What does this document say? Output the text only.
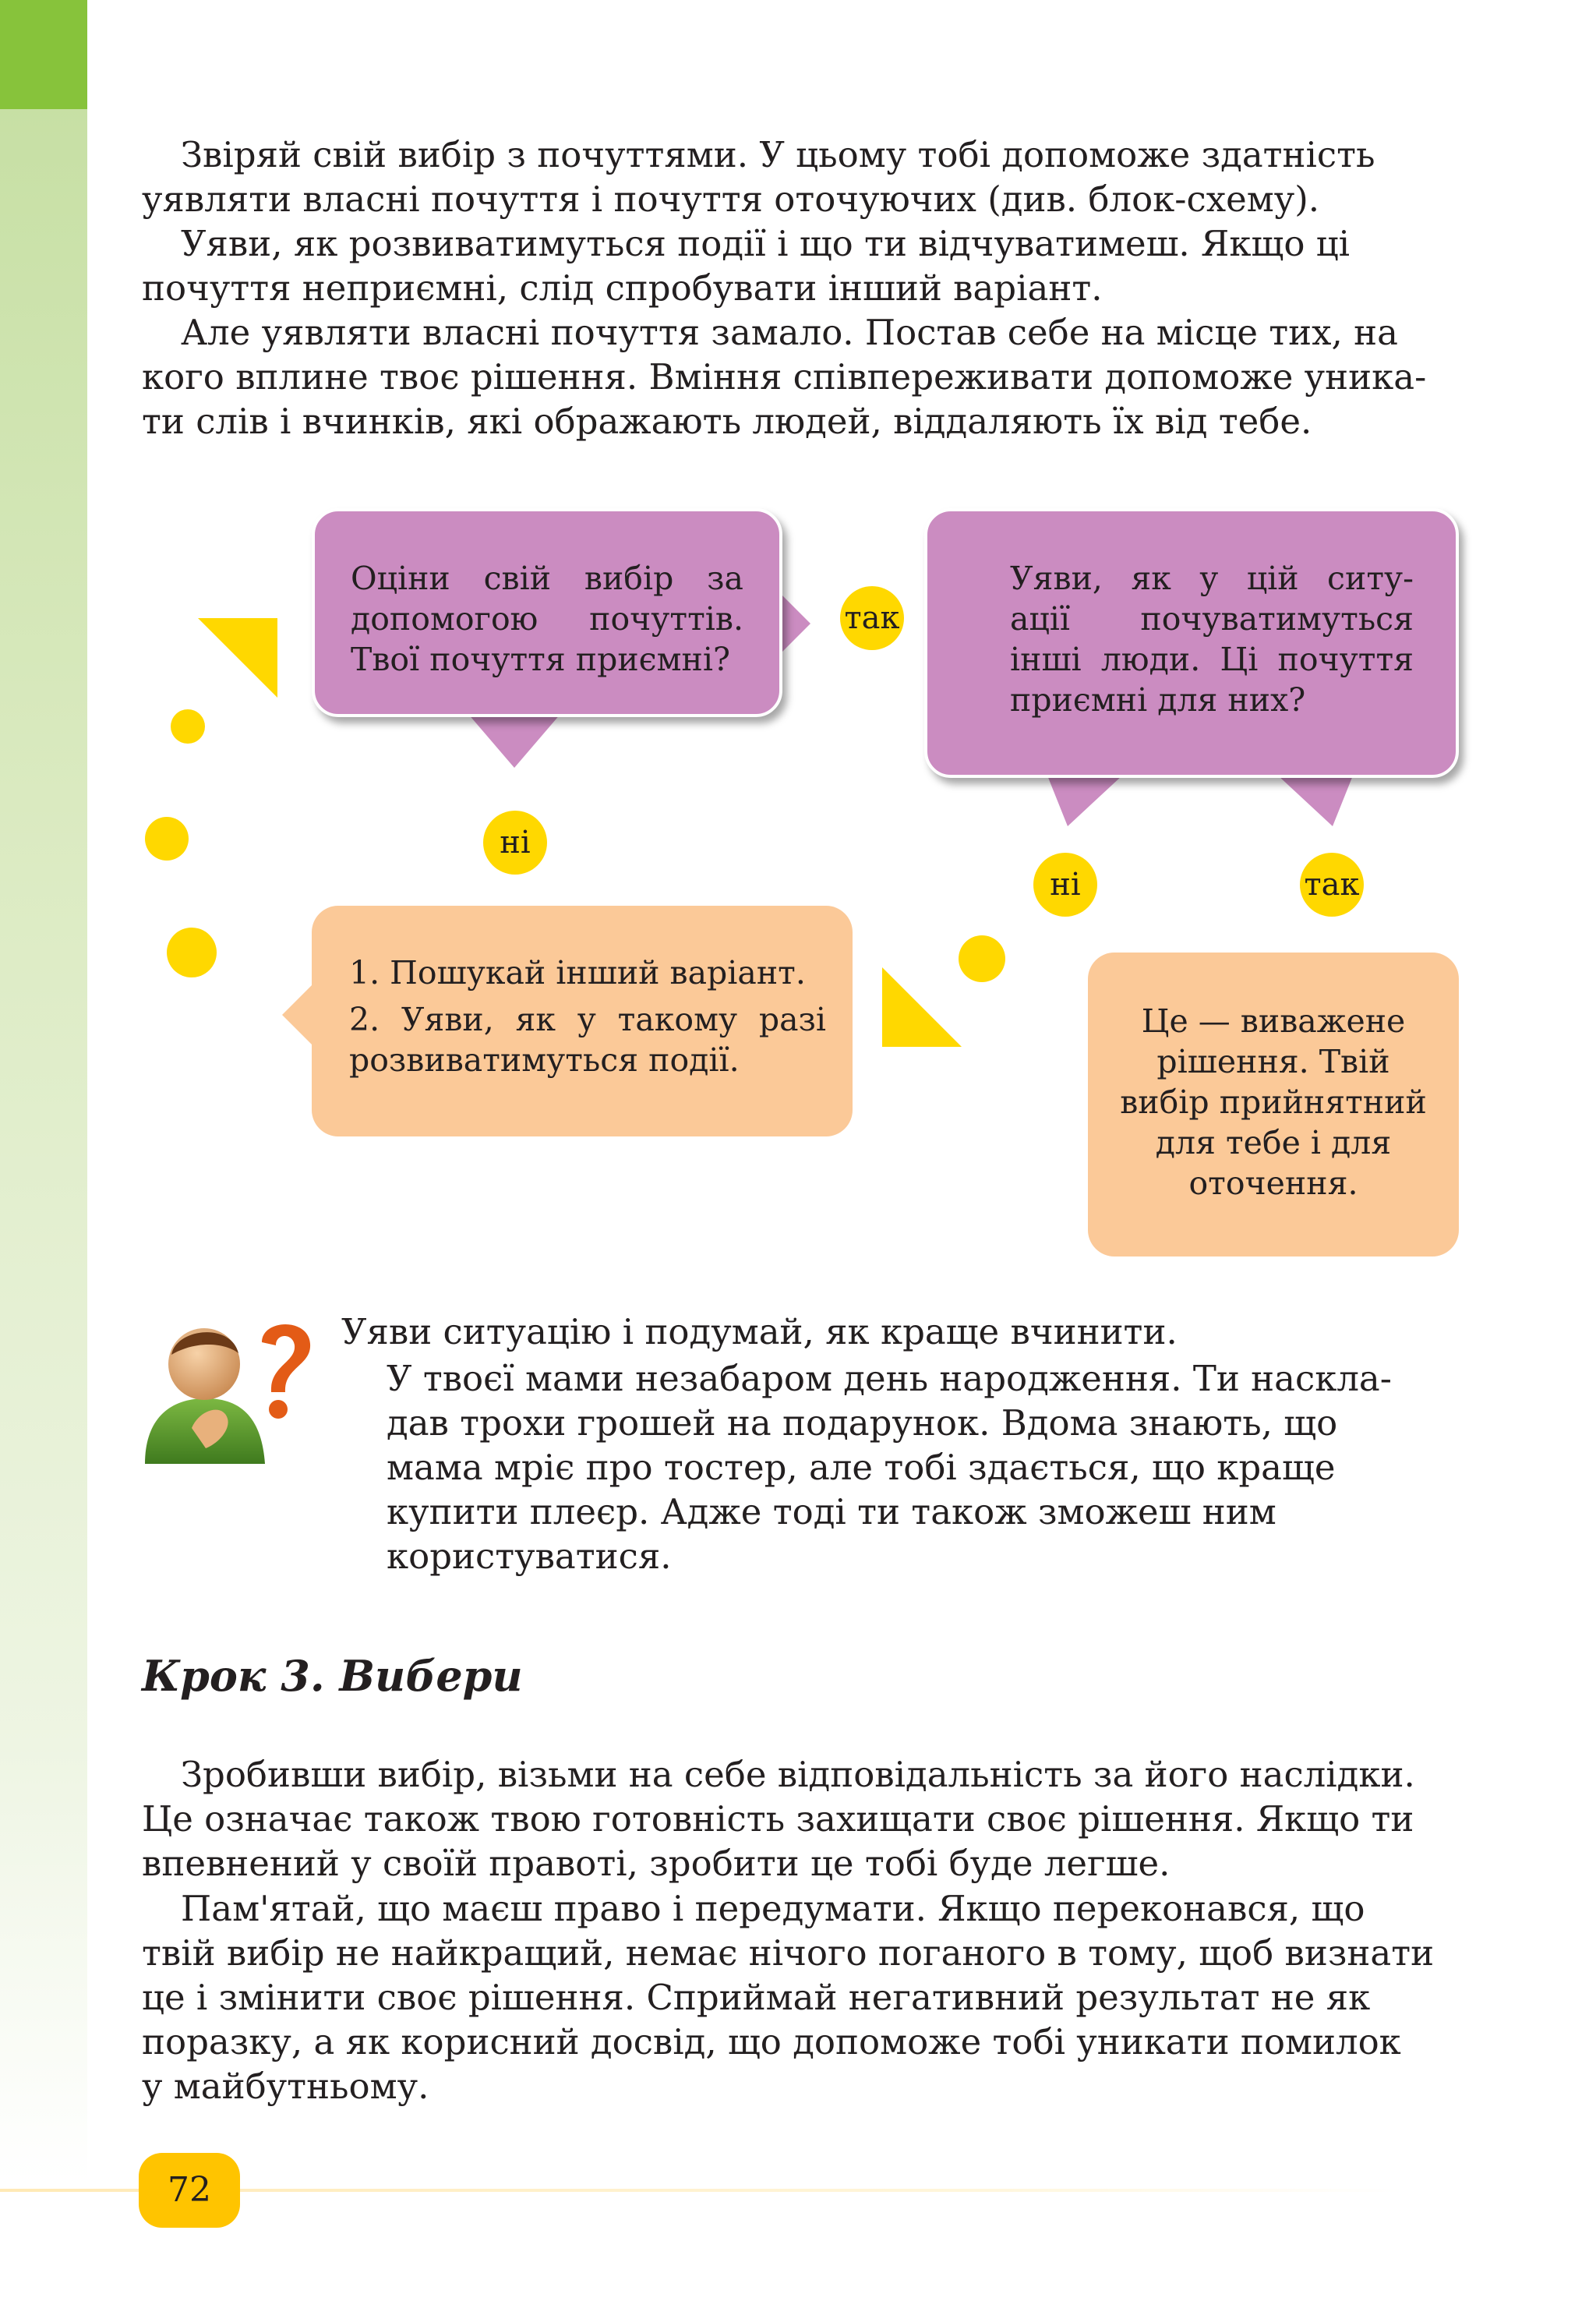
Звіряй свій вибір з почуттями. У цьому тобі допоможе здатність
уявляти власні почуття і почуття оточуючих (див. блок-схему).
Уяви, як розвиватимуться події і що ти відчуватимеш. Якщо ці
почуття неприємні, слід спробувати інший варіант.
Але уявляти власні почуття замало. Постав себе на місце тих, на
кого вплине твоє рішення. Вміння співпереживати допоможе уника-
ти слів і вчинків, які ображають людей, віддаляють їх від тебе.
Оціни свій вибір за
допомогою почуттів.
Твої почуття приємні?
Уяви, як у цій ситу-
ації почуватимуться
інші люди. Ці почуття
приємні для них?
1. Пошукай інший варіант.
2. Уяви, як у такому разі
розвиватимуться події.
Це — виважене
рішення. Твій
вибір прийнятний
для тебе і для
оточення.
так
ні
ні	так
Уяви ситуацію і подумай, як краще вчинити.
У твоєї мами незабаром день народження. Ти наскла-
дав трохи грошей на подарунок. Вдома знають, що
мама мріє про тостер, але тобі здається, що краще
купити плеєр. Адже тоді ти також зможеш ним
користуватися.
Крок 3. Вибери
Зробивши вибір, візьми на себе відповідальність за його наслідки.
Це означає також твою готовність захищати своє рішення. Якщо ти
впевнений у своїй правоті, зробити це тобі буде легше.
Пам'ятай, що маєш право і передумати. Якщо переконався, що
твій вибір не найкращий, немає нічого поганого в тому, щоб визнати
це і змінити своє рішення. Сприймай негативний результат не як
поразку, а як корисний досвід, що допоможе тобі уникати помилок
у майбутньому.
72
